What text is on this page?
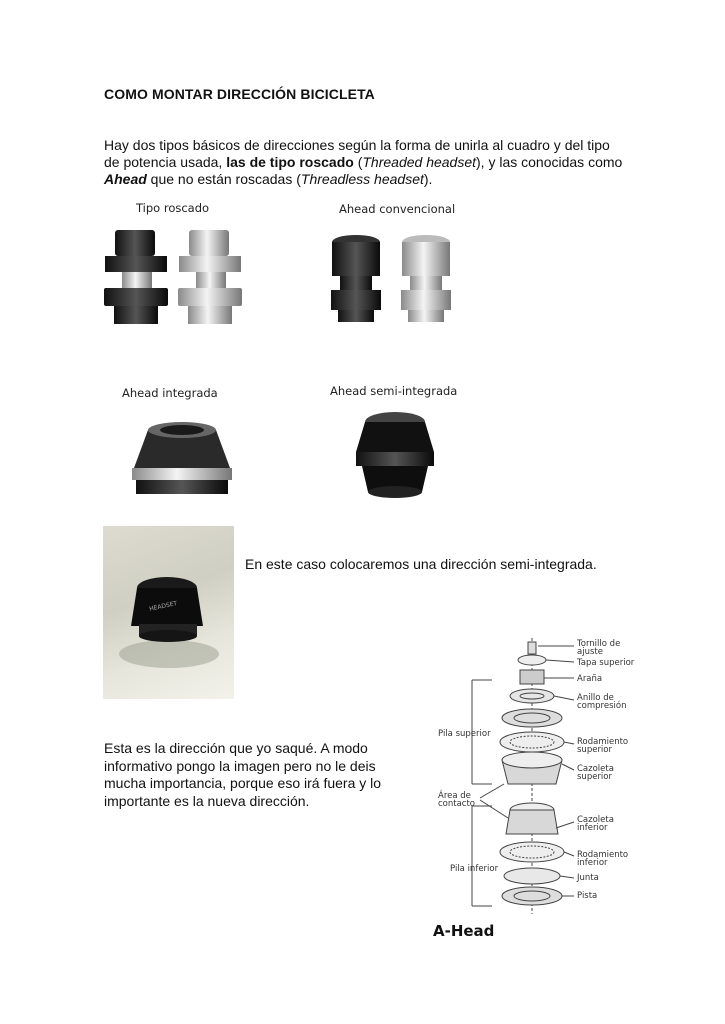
COMO MONTAR DIRECCIÓN BICICLETA
Hay dos tipos básicos de direcciones según la forma de unirla al cuadro y del tipo de potencia usada, las de tipo roscado (Threaded headset), y las conocidas como Ahead que no están roscadas (Threadless headset).
Tipo roscado	Ahead convencional
Ahead integrada	Ahead semi-integrada
HEADSET
En este caso colocaremos una dirección semi-integrada.
Esta es la dirección que yo saqué. A modo informativo pongo la imagen pero no le deis mucha importancia, porque eso irá fuera y lo importante es la nueva dirección.
Tornillo de
ajuste
Tapa superior
Araña
Anillo de
compresión
Pila superior
Rodamiento
superior
Cazoleta
superior
Área de
contacto
Cazoleta
inferior
Pila inferior
Rodamiento
inferior
Junta
Pista
A-Head
